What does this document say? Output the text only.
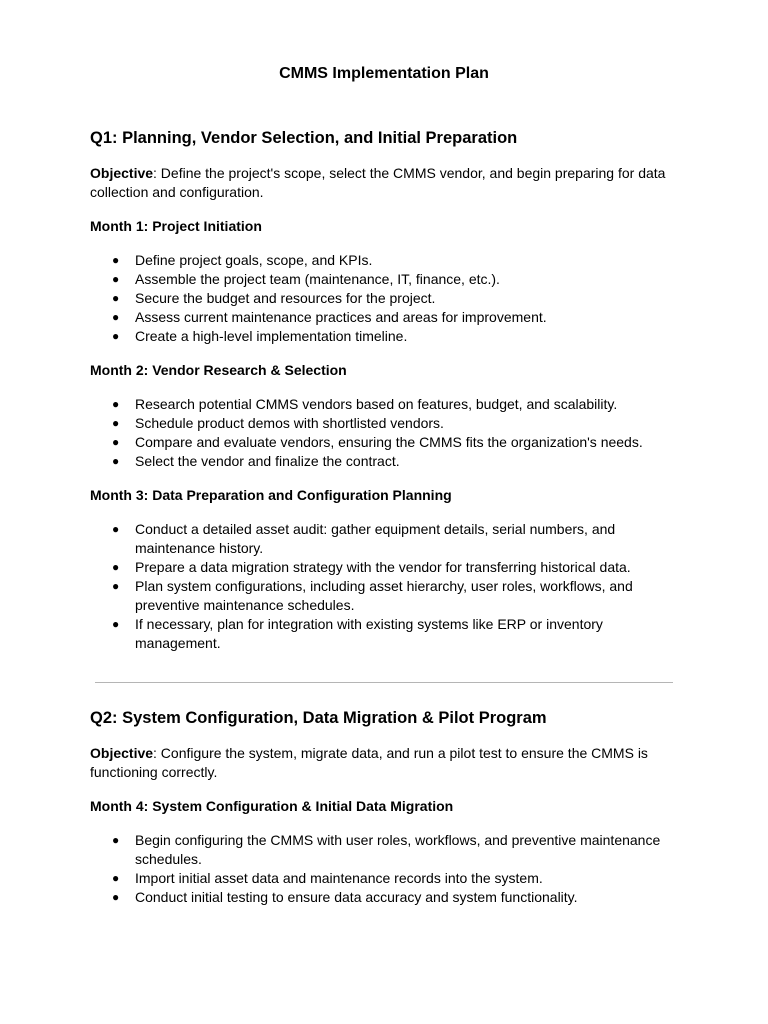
CMMS Implementation Plan
Q1: Planning, Vendor Selection, and Initial Preparation

Objective: Define the project's scope, select the CMMS vendor, and begin preparing for data collection and configuration.

Month 1: Project Initiation
● Define project goals, scope, and KPIs.
● Assemble the project team (maintenance, IT, finance, etc.).
● Secure the budget and resources for the project.
● Assess current maintenance practices and areas for improvement.
● Create a high-level implementation timeline.
Month 2: Vendor Research & Selection
● Research potential CMMS vendors based on features, budget, and scalability.
● Schedule product demos with shortlisted vendors.
● Compare and evaluate vendors, ensuring the CMMS fits the organization's needs.
● Select the vendor and finalize the contract.
Month 3: Data Preparation and Configuration Planning
● Conduct a detailed asset audit: gather equipment details, serial numbers, and maintenance history.
● Prepare a data migration strategy with the vendor for transferring historical data.
● Plan system configurations, including asset hierarchy, user roles, workflows, and preventive maintenance schedules.
● If necessary, plan for integration with existing systems like ERP or inventory management.
Q2: System Configuration, Data Migration & Pilot Program

Objective: Configure the system, migrate data, and run a pilot test to ensure the CMMS is functioning correctly.

Month 4: System Configuration & Initial Data Migration
● Begin configuring the CMMS with user roles, workflows, and preventive maintenance schedules.
● Import initial asset data and maintenance records into the system.
● Conduct initial testing to ensure data accuracy and system functionality.
